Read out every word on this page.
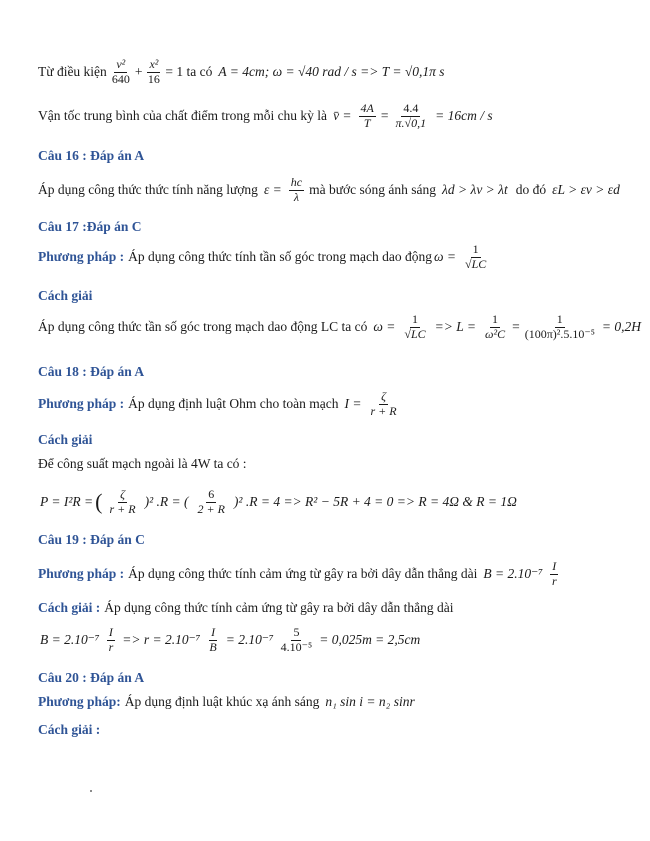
Từ điều kiện $\frac{\text{v²}}{640} + \frac{\text{x²}}{16} = 1$ ta có A = 4cm; ω = √40 rad / s => T = √0,1π s
Vận tốc trung bình của chất điểm trong mỗi chu kỳ là v̄ = $\frac{4A}{T} = \frac{4.4}{\pi.√0,1} = 16cm / s$
Câu 16 : Đáp án A
Áp dụng công thức thức tính năng lượng $\varepsilon = \frac{hc}{\lambda}$ mà bước sóng ánh sáng λd > λv > λt do đó εL > εv > εd
Câu 17 :Đáp án C
Phương pháp : Áp dụng công thức tính tần số góc trong mạch dao động $\omega = \frac{1}{√LC}$
Cách giải
Áp dụng công thức tần số góc trong mạch dao động LC ta có $\omega = \frac{1}{√LC} => L = \frac{1}{\text{ω²C}} = \frac{1}{\text{(100π)².5.10⁻⁵}} = 0,2H$
Câu 18 : Đáp án A
Phương pháp : Áp dụng định luật Ohm cho toàn mạch $I = \frac{\zeta}{r + R}$
Cách giải
Để công suất mạch ngoài là 4W ta có :
P = I²R = ( $\frac{\zeta}{r + R} )^2$ .R = ( $\frac{6}{2 + R} )^2$ .R = 4 => R² − 5R + 4 = 0 => R = 4Ω & R = 1Ω
Câu 19 : Đáp án C
Phương pháp : Áp dụng công thức tính cảm ứng từ gây ra bởi dây dẫn thẳng dài $B = 2.10^{-7} \frac{I}{r}$
Cách giải : Áp dụng công thức tính cảm ứng từ gây ra bởi dây dẫn thẳng dài
$B = 2.10^{-7} \frac{I}{r} => r = 2.10^{-7} \frac{I}{B} = 2.10^{-7} \frac{5}{\text{4.10⁻⁵}} = 0,025m = 2,5cm$
Câu 20 : Đáp án A
Phương pháp: Áp dụng định luật khúc xạ ánh sáng n₁ sin i = n₂ sinr
Cách giải :
